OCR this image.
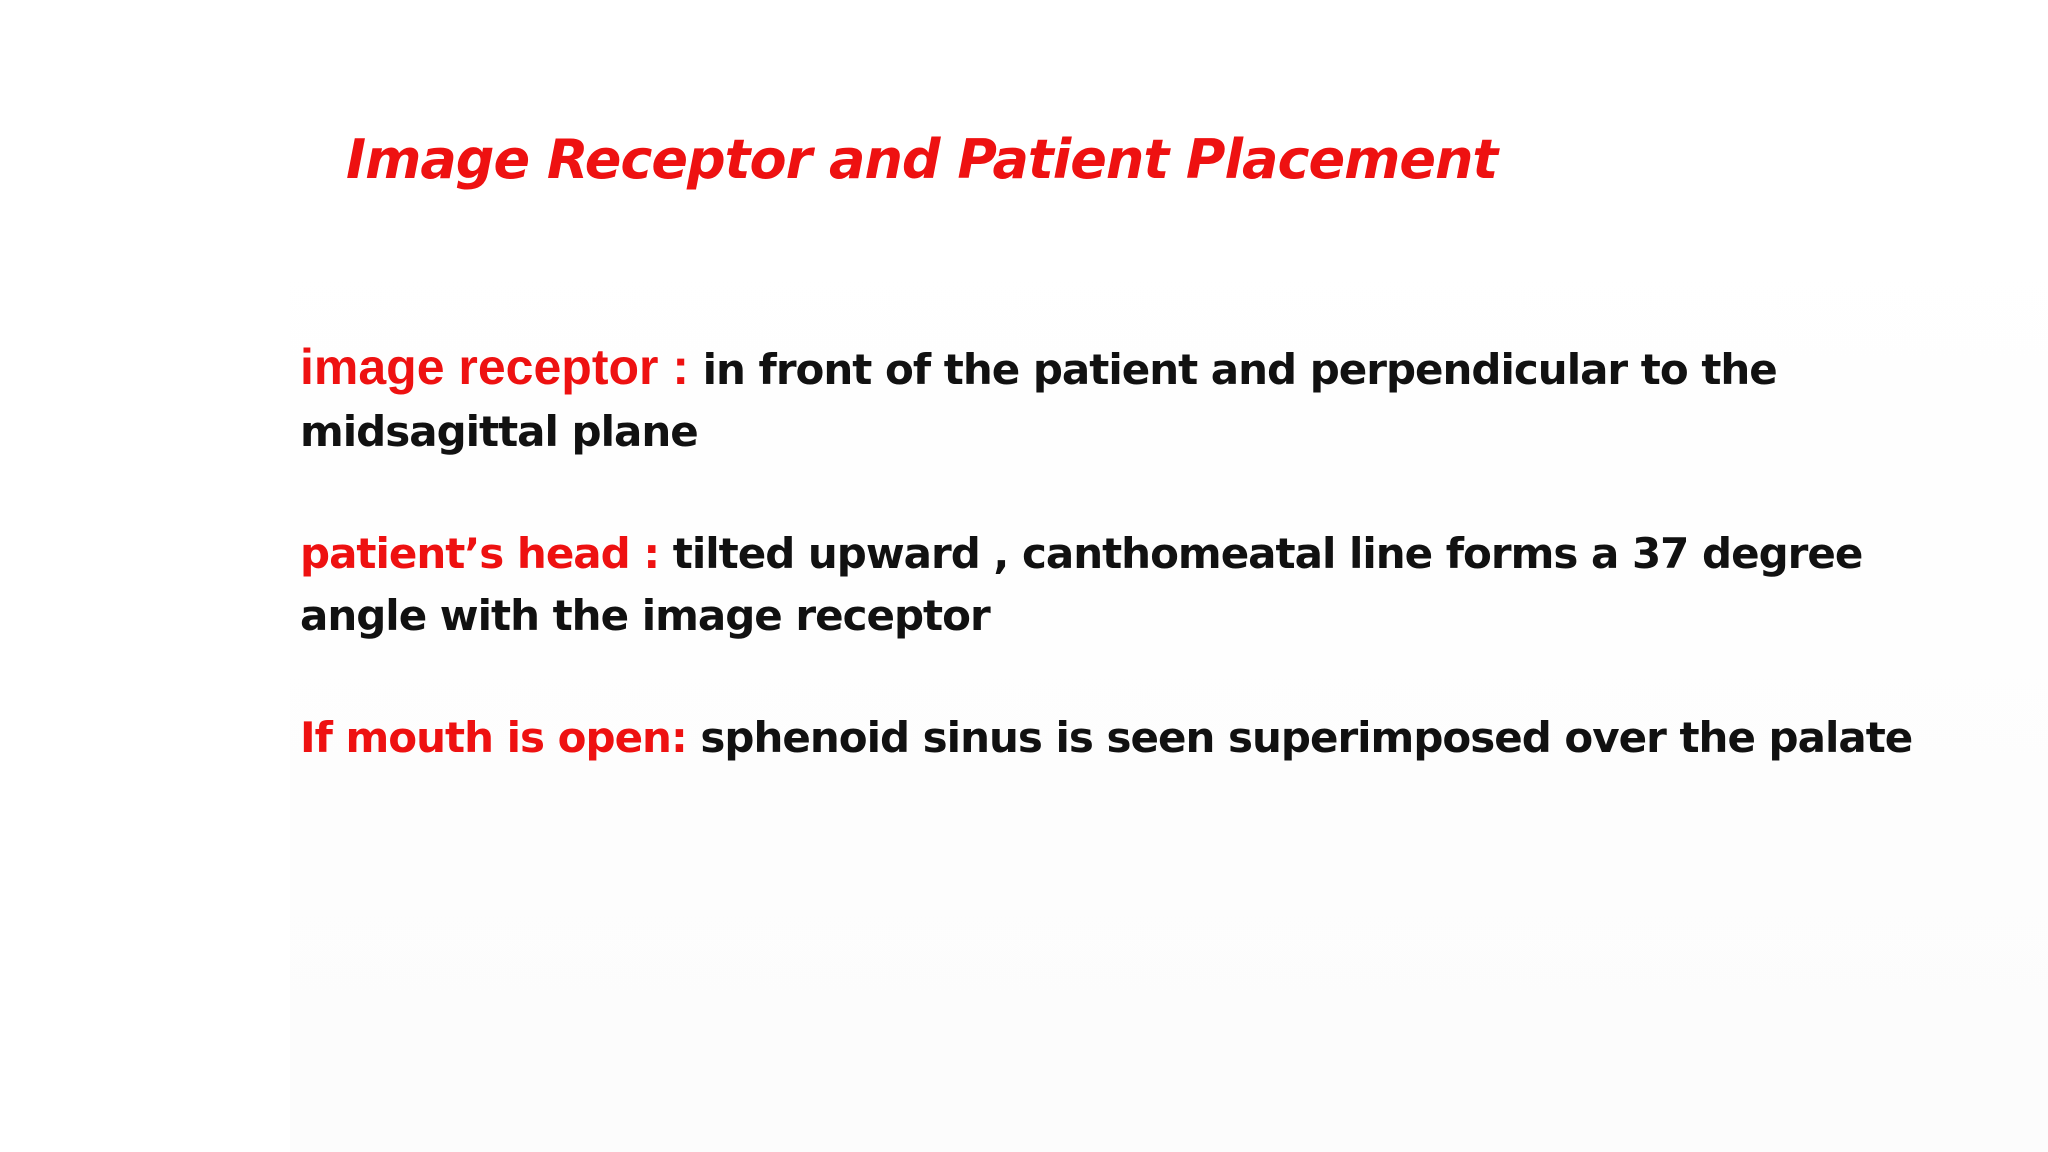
Image Receptor and Patient Placement

image receptor : in front of the patient and perpendicular to the midsagittal plane

patient’s head : tilted upward , canthomeatal line forms a 37 degree angle with the image receptor

If mouth is open: sphenoid sinus is seen superimposed over the palate
